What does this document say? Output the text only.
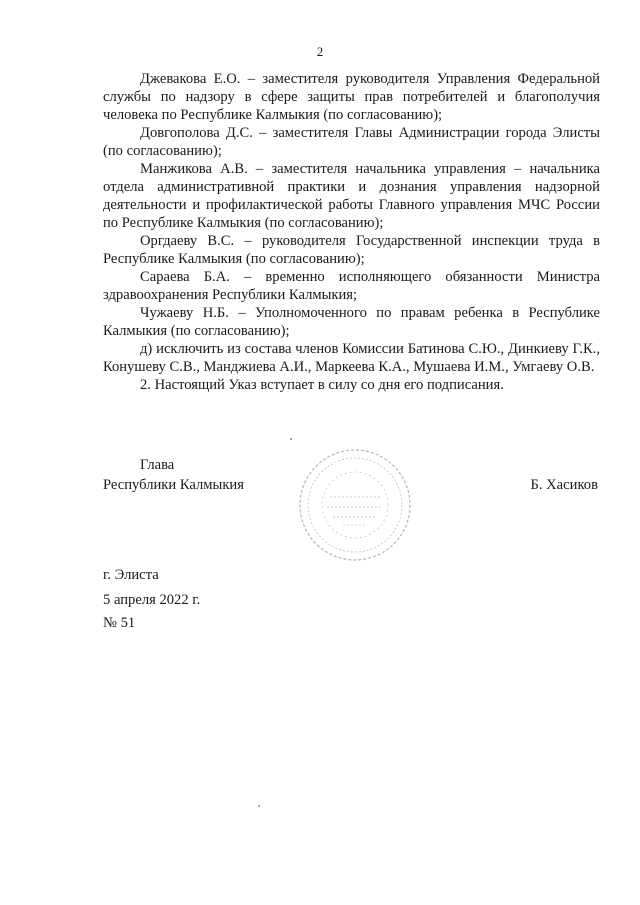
2

Джевакова Е.О. – заместителя руководителя Управления Федеральной службы по надзору в сфере защиты прав потребителей и благополучия человека по Республике Калмыкия (по согласованию);

Довгополова Д.С. – заместителя Главы Администрации города Элисты (по согласованию);

Манжикова А.В. – заместителя начальника управления – начальника отдела административной практики и дознания управления надзорной деятельности и профилактической работы Главного управления МЧС России по Республике Калмыкия (по согласованию);

Оргдаеву В.С. – руководителя Государственной инспекции труда в Республике Калмыкия (по согласованию);

Сараева Б.А. – временно исполняющего обязанности Министра здравоохранения Республики Калмыкия;

Чужаеву Н.Б. – Уполномоченного по правам ребенка в Республике Калмыкия (по согласованию);

д) исключить из состава членов Комиссии Батинова С.Ю., Динкиеву Г.К., Конушеву С.В., Манджиева А.И., Маркеева К.А., Мушаева И.М., Умгаеву О.В.

2. Настоящий Указ вступает в силу со дня его подписания.

Глава
Республики Калмыкия	Б. Хасиков
г. Элиста
5 апреля 2022 г.
№ 51
